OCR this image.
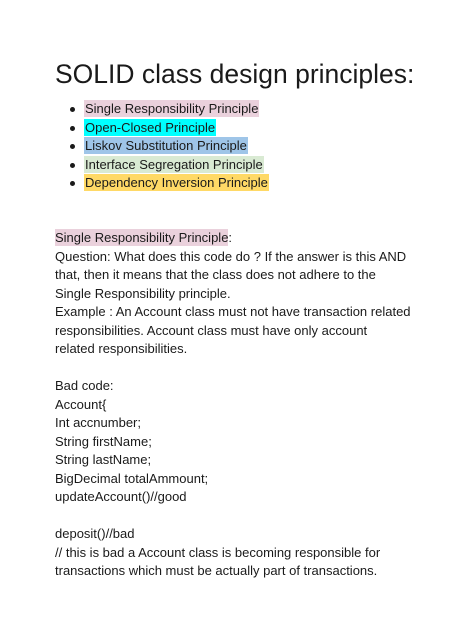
SOLID class design principles:
Single Responsibility Principle
Open-Closed Principle
Liskov Substitution Principle
Interface Segregation Principle
Dependency Inversion Principle
Single Responsibility Principle:
Question: What does this code do ? If the answer is this AND
that, then it means that the class does not adhere to the
Single Responsibility principle.
Example : An Account class must not have transaction related
responsibilities. Account class must have only account
related responsibilities.
Bad code:
Account{
Int accnumber;
String firstName;
String lastName;
BigDecimal totalAmmount;
updateAccount()//good
deposit()//bad
// this is bad a Account class is becoming responsible for
transactions which must be actually part of transactions.
